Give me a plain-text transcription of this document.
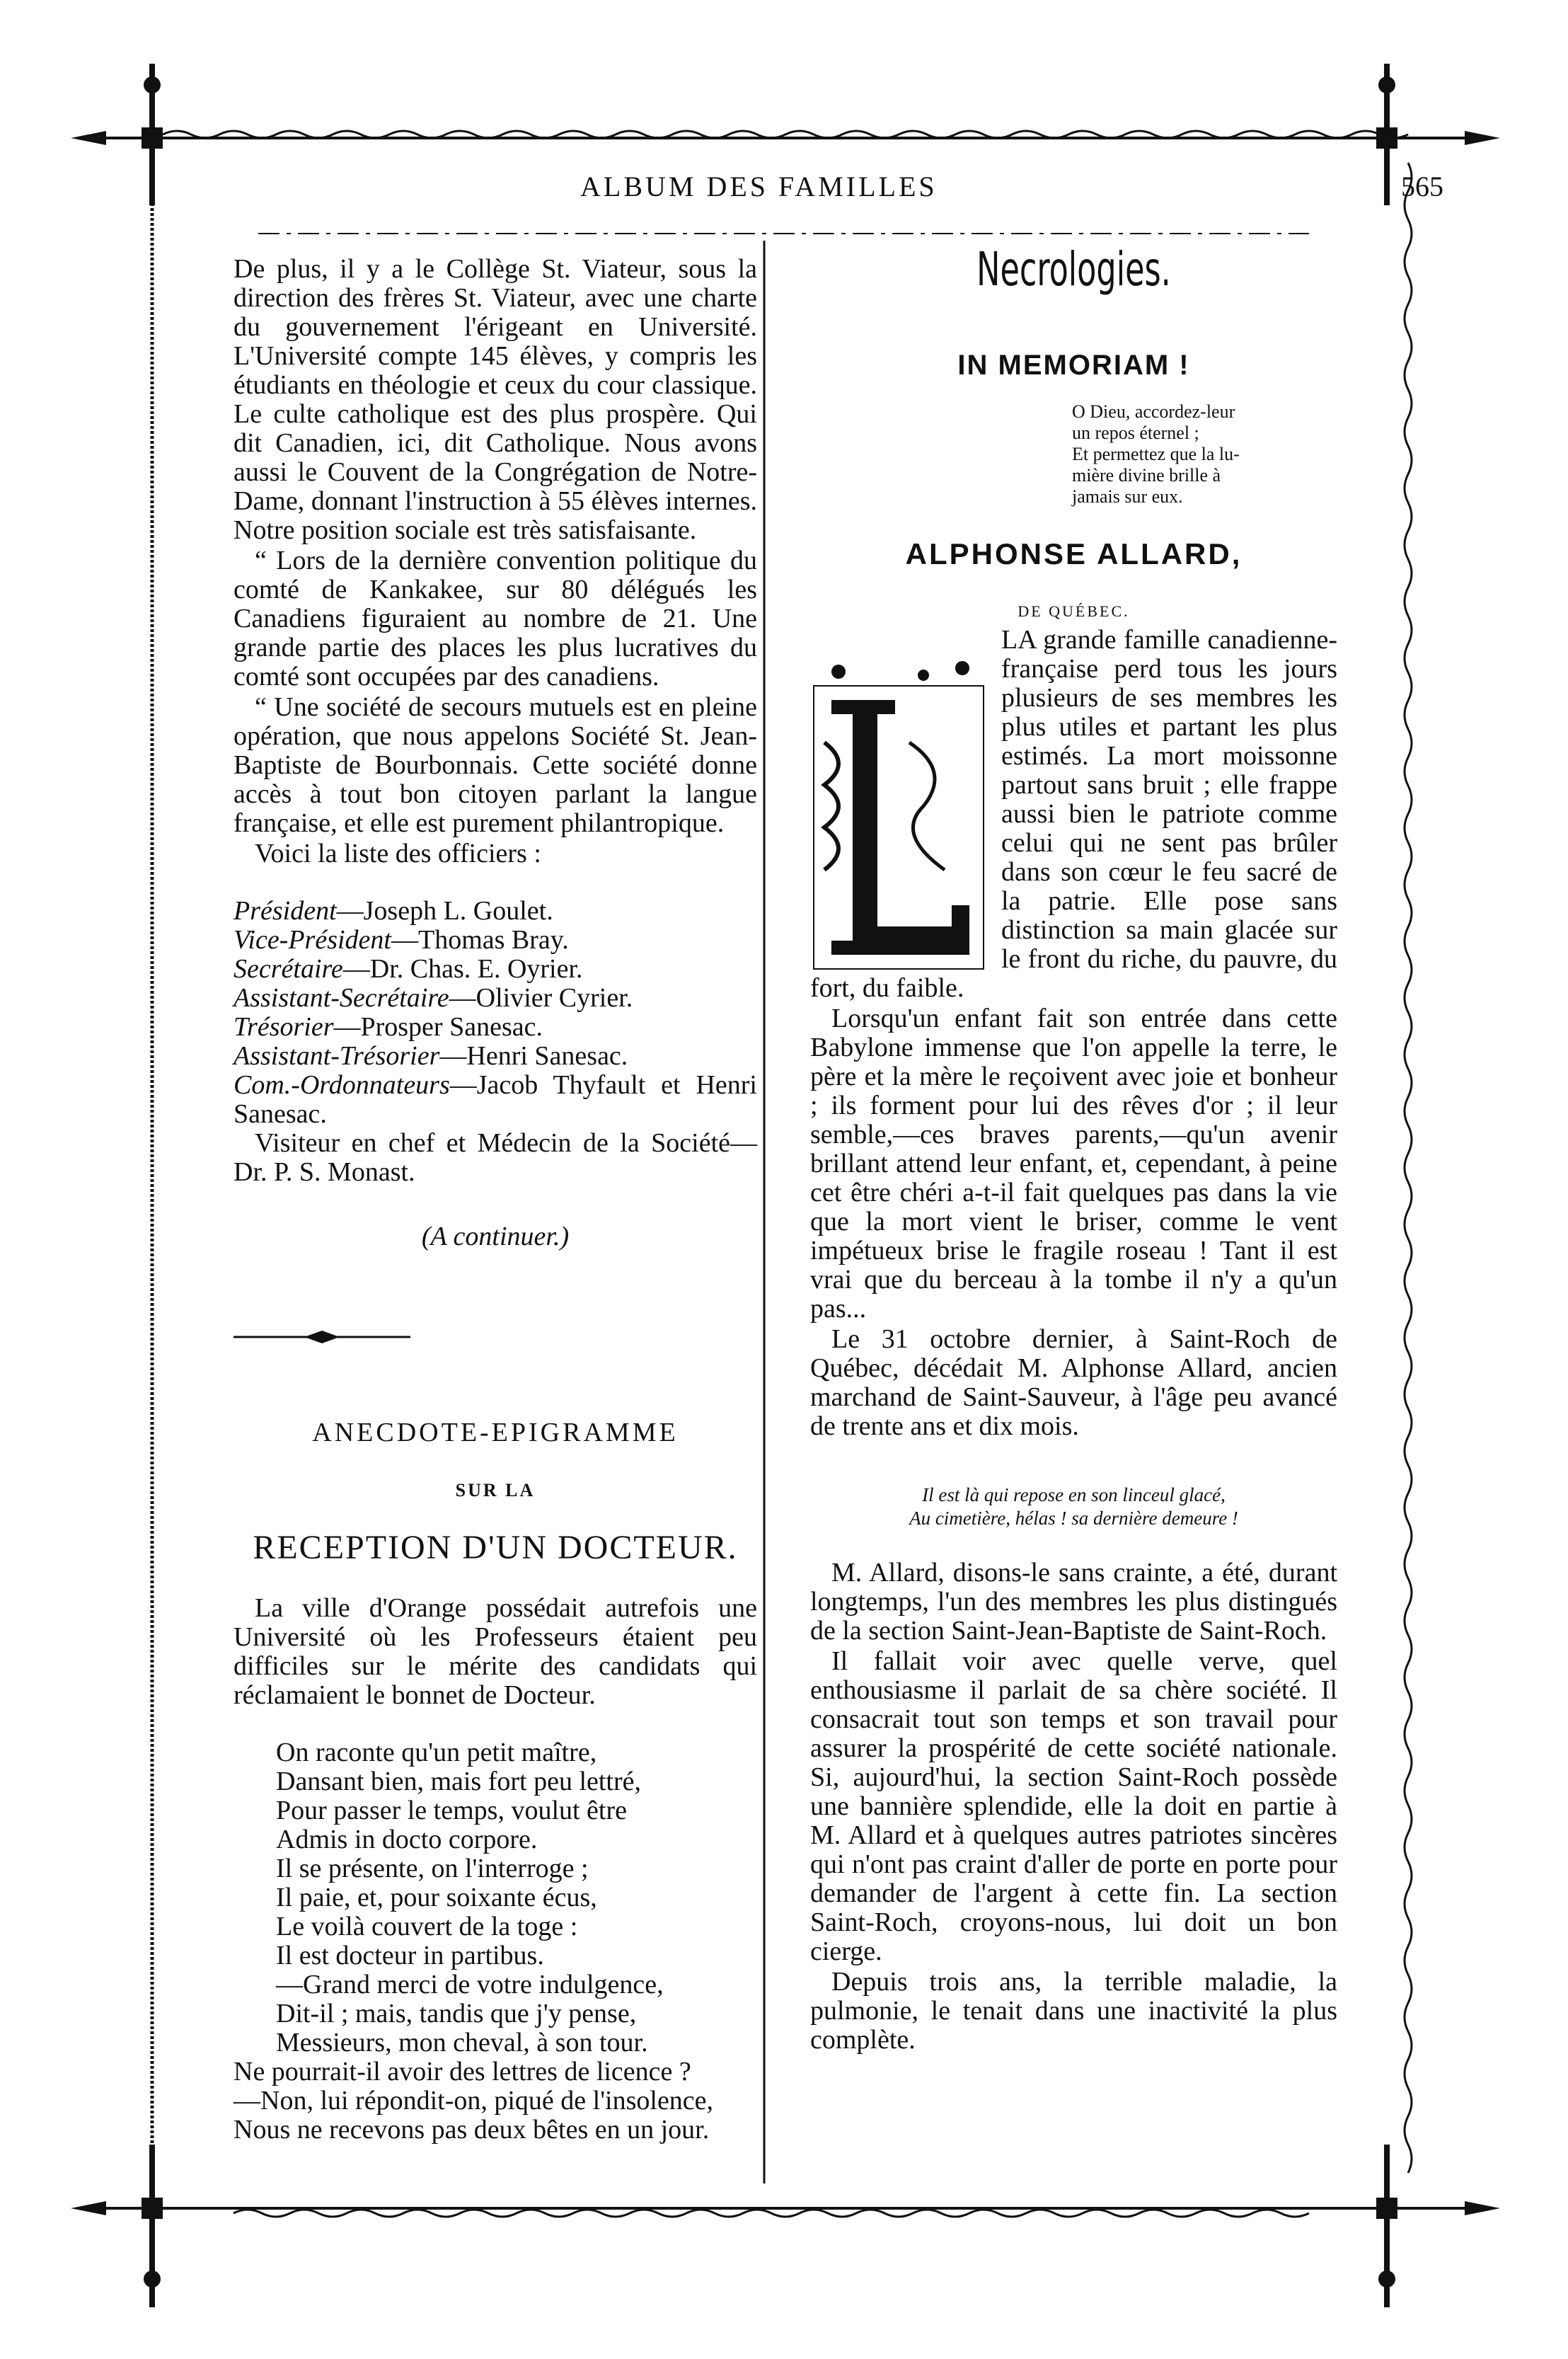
ALBUM DES FAMILLES	565

De plus, il y a le Collège St. Viateur, sous la direction des frères St. Viateur, avec une charte du gouvernement l'érigeant en Université. L'Université compte 145 élèves, y compris les étudiants en théologie et ceux du cour classique. Le culte catholique est des plus prospère. Qui dit Canadien, ici, dit Catholique. Nous avons aussi le Couvent de la Congrégation de Notre-Dame, donnant l'instruction à 55 élèves internes. Notre position sociale est très satisfaisante.

“ Lors de la dernière convention politique du comté de Kankakee, sur 80 délégués les Canadiens figuraient au nombre de 21. Une grande partie des places les plus lucratives du comté sont occupées par des canadiens.

“ Une société de secours mutuels est en pleine opération, que nous appelons Société St. Jean-Baptiste de Bourbonnais. Cette société donne accès à tout bon citoyen parlant la langue française, et elle est purement philantropique.

Voici la liste des officiers :

Président—Joseph L. Goulet.
Vice-Président—Thomas Bray.
Secrétaire—Dr. Chas. E. Oyrier.
Assistant-Secrétaire—Olivier Cyrier.
Trésorier—Prosper Sanesac.
Assistant-Trésorier—Henri Sanesac.
Com.-Ordonnateurs—Jacob Thyfault et Henri Sanesac.

Visiteur en chef et Médecin de la Société— Dr. P. S. Monast.

(A continuer.)
ANECDOTE-EPIGRAMME
SUR LA
RECEPTION D'UN DOCTEUR.

La ville d'Orange possédait autrefois une Université où les Professeurs étaient peu difficiles sur le mérite des candidats qui réclamaient le bonnet de Docteur.

On raconte qu'un petit maître,
Dansant bien, mais fort peu lettré,
Pour passer le temps, voulut être
Admis in docto corpore.
Il se présente, on l'interroge ;
Il paie, et, pour soixante écus,
Le voilà couvert de la toge :
Il est docteur in partibus.
—Grand merci de votre indulgence,
Dit-il ; mais, tandis que j'y pense,
Messieurs, mon cheval, à son tour.
Ne pourrait-il avoir des lettres de licence ?
—Non, lui répondit-on, piqué de l'insolence,
Nous ne recevons pas deux bêtes en un jour.
Necrologies.
IN MEMORIAM !
O Dieu, accordez-leur
un repos éternel ;
Et permettez que la lu-
mière divine brille à
jamais sur eux.
ALPHONSE ALLARD,
DE QUÉBEC.

LA grande famille canadienne-française perd tous les jours plusieurs de ses membres les plus utiles et partant les plus estimés. La mort moissonne partout sans bruit ; elle frappe aussi bien le patriote comme celui qui ne sent pas brûler dans son cœur le feu sacré de la patrie. Elle pose sans distinction sa main glacée sur le front du riche, du pauvre, du fort, du faible.

Lorsqu'un enfant fait son entrée dans cette Babylone immense que l'on appelle la terre, le père et la mère le reçoivent avec joie et bonheur ; ils forment pour lui des rêves d'or ; il leur semble,—ces braves parents,—qu'un avenir brillant attend leur enfant, et, cependant, à peine cet être chéri a-t-il fait quelques pas dans la vie que la mort vient le briser, comme le vent impétueux brise le fragile roseau ! Tant il est vrai que du berceau à la tombe il n'y a qu'un pas...

Le 31 octobre dernier, à Saint-Roch de Québec, décédait M. Alphonse Allard, ancien marchand de Saint-Sauveur, à l'âge peu avancé de trente ans et dix mois.

Il est là qui repose en son linceul glacé,
Au cimetière, hélas ! sa dernière demeure !

M. Allard, disons-le sans crainte, a été, durant longtemps, l'un des membres les plus distingués de la section Saint-Jean-Baptiste de Saint-Roch.

Il fallait voir avec quelle verve, quel enthousiasme il parlait de sa chère société. Il consacrait tout son temps et son travail pour assurer la prospérité de cette société nationale. Si, aujourd'hui, la section Saint-Roch possède une bannière splendide, elle la doit en partie à M. Allard et à quelques autres patriotes sincères qui n'ont pas craint d'aller de porte en porte pour demander de l'argent à cette fin. La section Saint-Roch, croyons-nous, lui doit un bon cierge.

Depuis trois ans, la terrible maladie, la pulmonie, le tenait dans une inactivité la plus complète.
